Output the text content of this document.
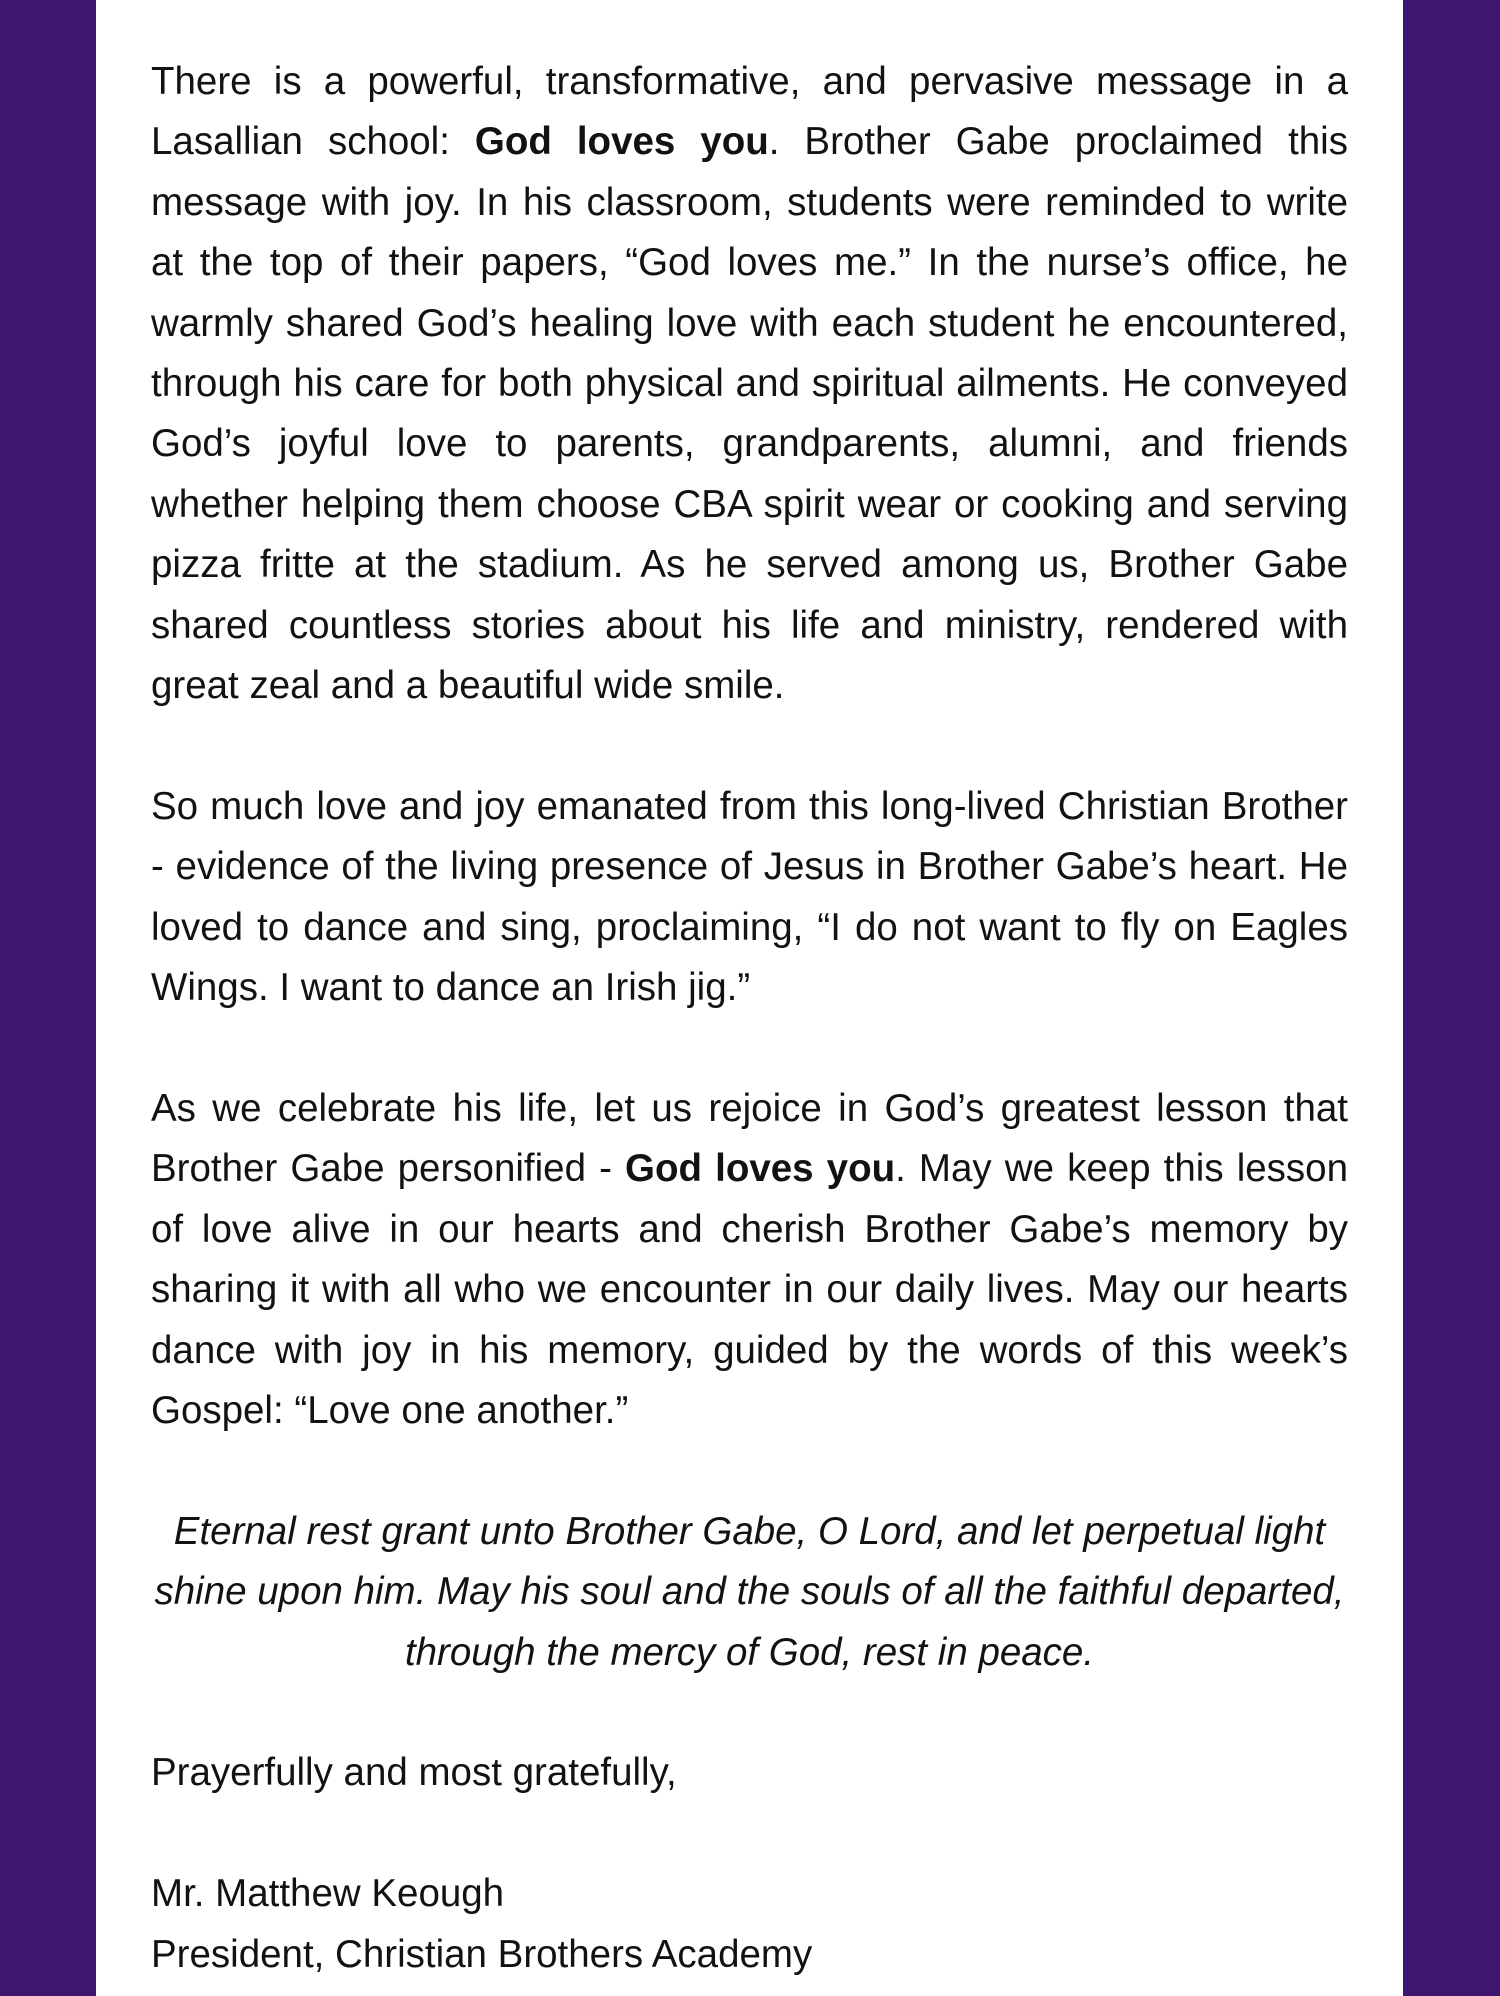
There is a powerful, transformative, and pervasive message in a Lasallian school: God loves you. Brother Gabe proclaimed this message with joy. In his classroom, students were reminded to write at the top of their papers, “God loves me.” In the nurse’s office, he warmly shared God’s healing love with each student he encountered, through his care for both physical and spiritual ailments. He conveyed God’s joyful love to parents, grandparents, alumni, and friends whether helping them choose CBA spirit wear or cooking and serving pizza fritte at the stadium. As he served among us, Brother Gabe shared countless stories about his life and ministry, rendered with great zeal and a beautiful wide smile.

So much love and joy emanated from this long-lived Christian Brother - evidence of the living presence of Jesus in Brother Gabe’s heart. He loved to dance and sing, proclaiming, “I do not want to fly on Eagles Wings. I want to dance an Irish jig.”

As we celebrate his life, let us rejoice in God’s greatest lesson that Brother Gabe personified - God loves you. May we keep this lesson of love alive in our hearts and cherish Brother Gabe’s memory by sharing it with all who we encounter in our daily lives. May our hearts dance with joy in his memory, guided by the words of this week’s Gospel: “Love one another.”

Eternal rest grant unto Brother Gabe, O Lord, and let perpetual light
shine upon him. May his soul and the souls of all the faithful departed,
through the mercy of God, rest in peace.

Prayerfully and most gratefully,

Mr. Matthew Keough
President, Christian Brothers Academy
